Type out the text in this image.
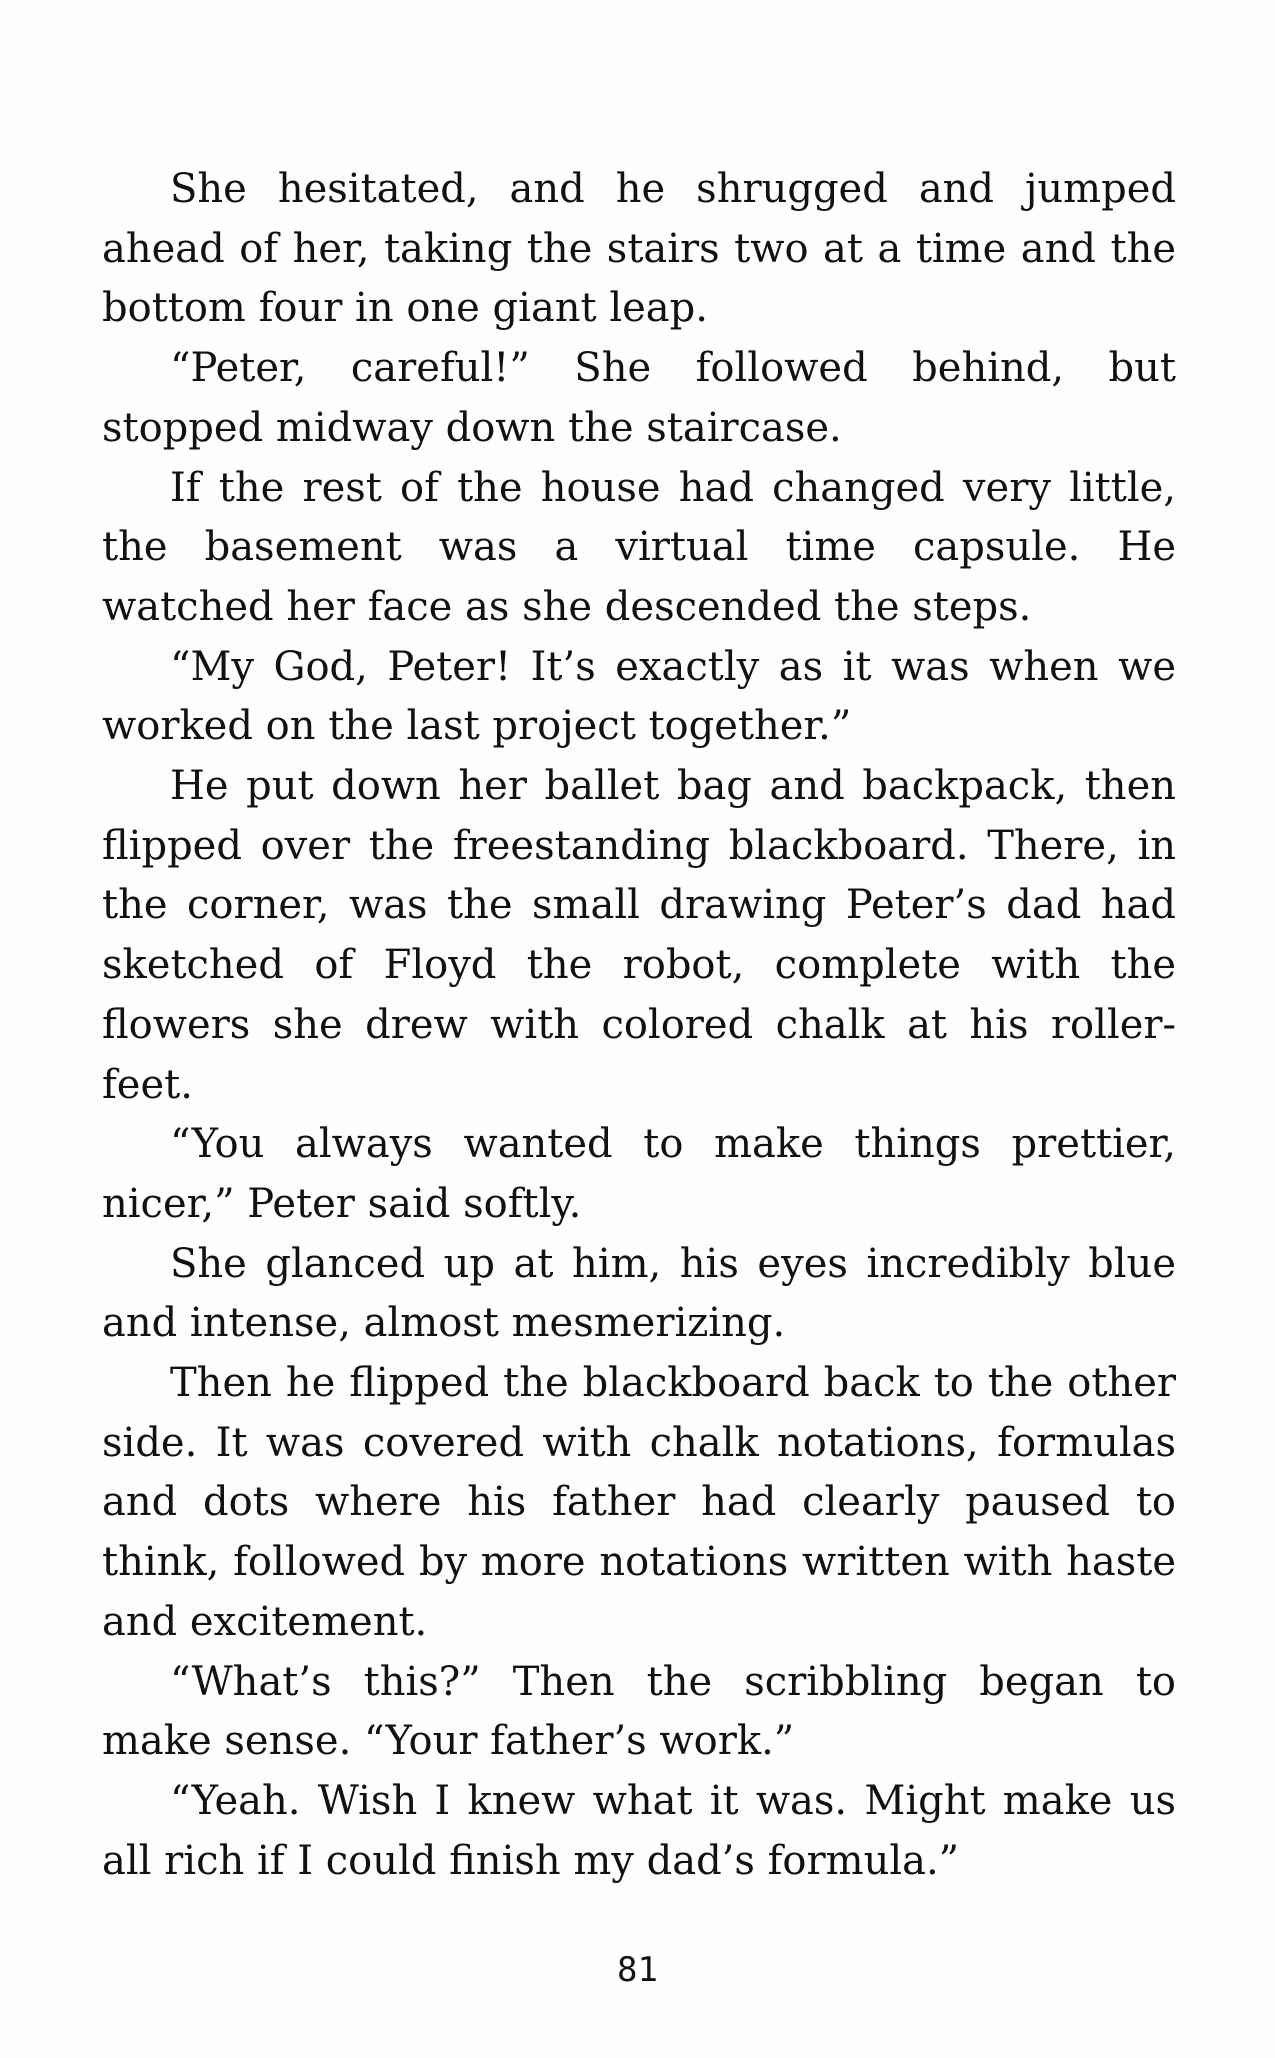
She hesitated, and he shrugged and jumped ahead of her, taking the stairs two at a time and the bottom four in one giant leap.

“Peter, careful!” She followed behind, but stopped midway down the staircase.

If the rest of the house had changed very little, the basement was a virtual time capsule. He watched her face as she descended the steps.

“My God, Peter! It’s exactly as it was when we worked on the last project together.”

He put down her ballet bag and backpack, then flipped over the freestanding blackboard. There, in the corner, was the small drawing Peter’s dad had sketched of Floyd the robot, complete with the flowers she drew with colored chalk at his roller-feet.

“You always wanted to make things prettier, nicer,” Peter said softly.

She glanced up at him, his eyes incredibly blue and intense, almost mesmerizing.

Then he flipped the blackboard back to the other side. It was covered with chalk notations, formulas and dots where his father had clearly paused to think, followed by more notations written with haste and excitement.

“What’s this?” Then the scribbling began to make sense. “Your father’s work.”

“Yeah. Wish I knew what it was. Might make us all rich if I could finish my dad’s formula.”

81
